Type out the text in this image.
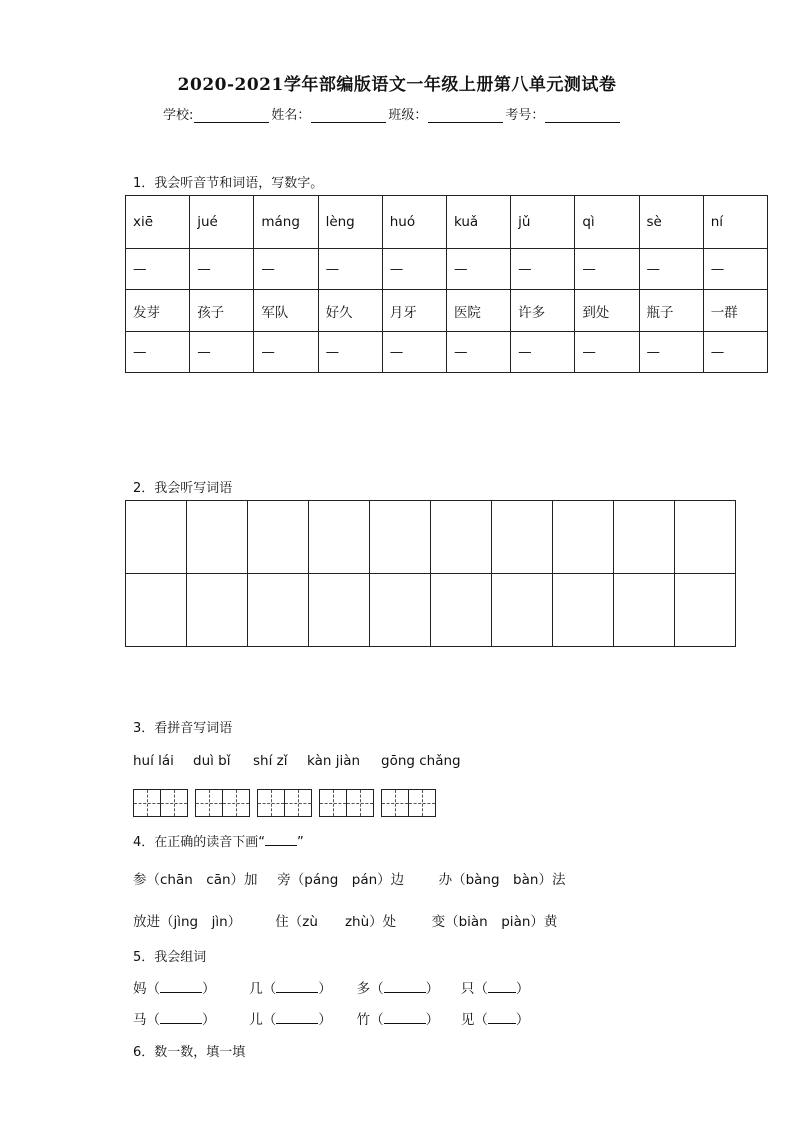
2020-2021学年部编版语文一年级上册第八单元测试卷
学校:	姓名：	班级：	考号：
1．我会听音节和词语，写数字。
xiē	jué	máng	lèng	huó	kuǎ	jǔ	qì	sè	ní
—	—	—	—	—	—	—	—	—	—
发芽	孩子	军队	好久	月牙	医院	许多	到处	瓶子	一群
—	—	—	—	—	—	—	—	—	—
2．我会听写词语

3．看拼音写词语
huí lái	duì bǐ	shí zǐ	kàn jiàn	gōng chǎng
4．在正确的读音下画“ ”
参（chān　cān）加 旁（páng　pán）边	办（bàng　bàn）法
放进（jìng　jìn）	住（zù　　zhù）处	变（biàn　piàn）黄
5．我会组词
妈（	）	几（	） 多（	） 只（ ）
马（	）	儿（	） 竹（	） 见（ ）
6．数一数，填一填
